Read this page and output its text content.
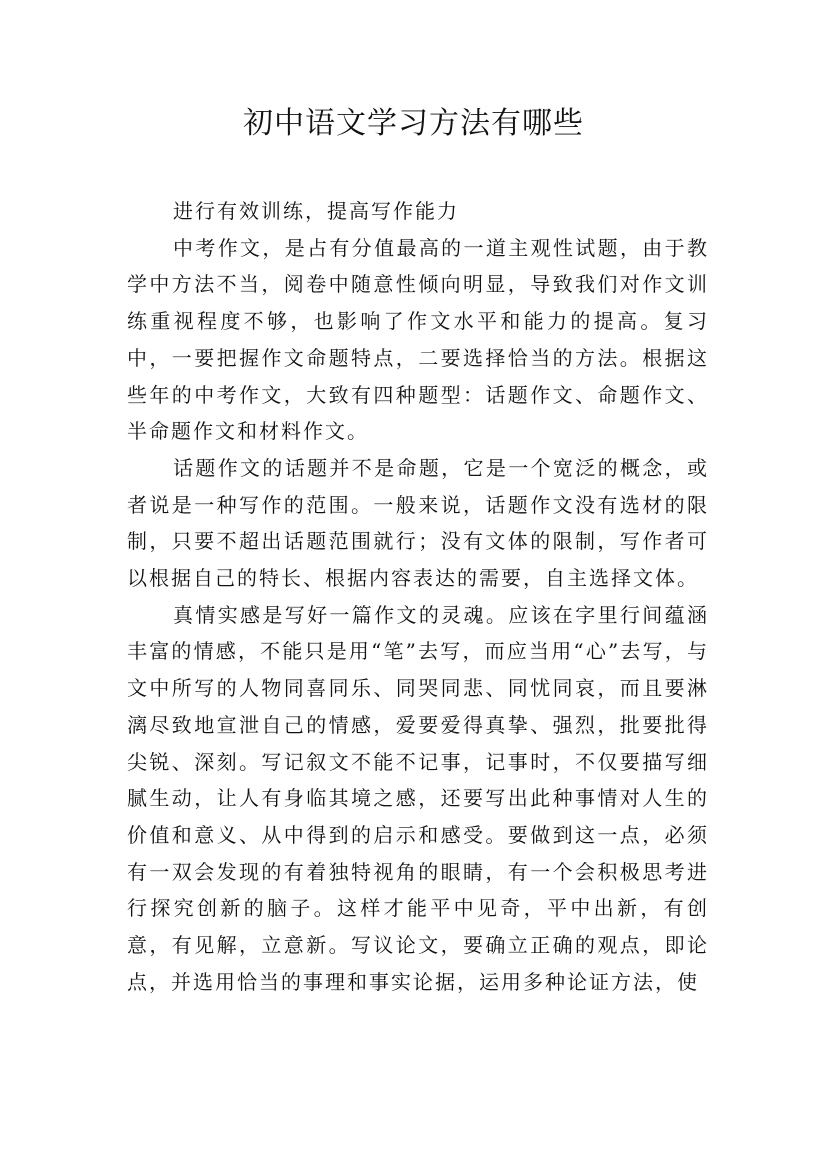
初中语文学习方法有哪些

进行有效训练，提高写作能力

中考作文，是占有分值最高的一道主观性试题，由于教学中方法不当，阅卷中随意性倾向明显，导致我们对作文训练重视程度不够，也影响了作文水平和能力的提高。复习中，一要把握作文命题特点，二要选择恰当的方法。根据这些年的中考作文，大致有四种题型：话题作文、命题作文、半命题作文和材料作文。

话题作文的话题并不是命题，它是一个宽泛的概念，或者说是一种写作的范围。一般来说，话题作文没有选材的限制，只要不超出话题范围就行；没有文体的限制，写作者可以根据自己的特长、根据内容表达的需要，自主选择文体。

真情实感是写好一篇作文的灵魂。应该在字里行间蕴涵丰富的情感，不能只是用“笔”去写，而应当用“心”去写，与文中所写的人物同喜同乐、同哭同悲、同忧同哀，而且要淋漓尽致地宣泄自己的情感，爱要爱得真挚、强烈，批要批得尖锐、深刻。写记叙文不能不记事，记事时，不仅要描写细腻生动，让人有身临其境之感，还要写出此种事情对人生的价值和意义、从中得到的启示和感受。要做到这一点，必须有一双会发现的有着独特视角的眼睛，有一个会积极思考进行探究创新的脑子。这样才能平中见奇，平中出新，有创意，有见解，立意新。写议论文，要确立正确的观点，即论点，并选用恰当的事理和事实论据，运用多种论证方法，使
